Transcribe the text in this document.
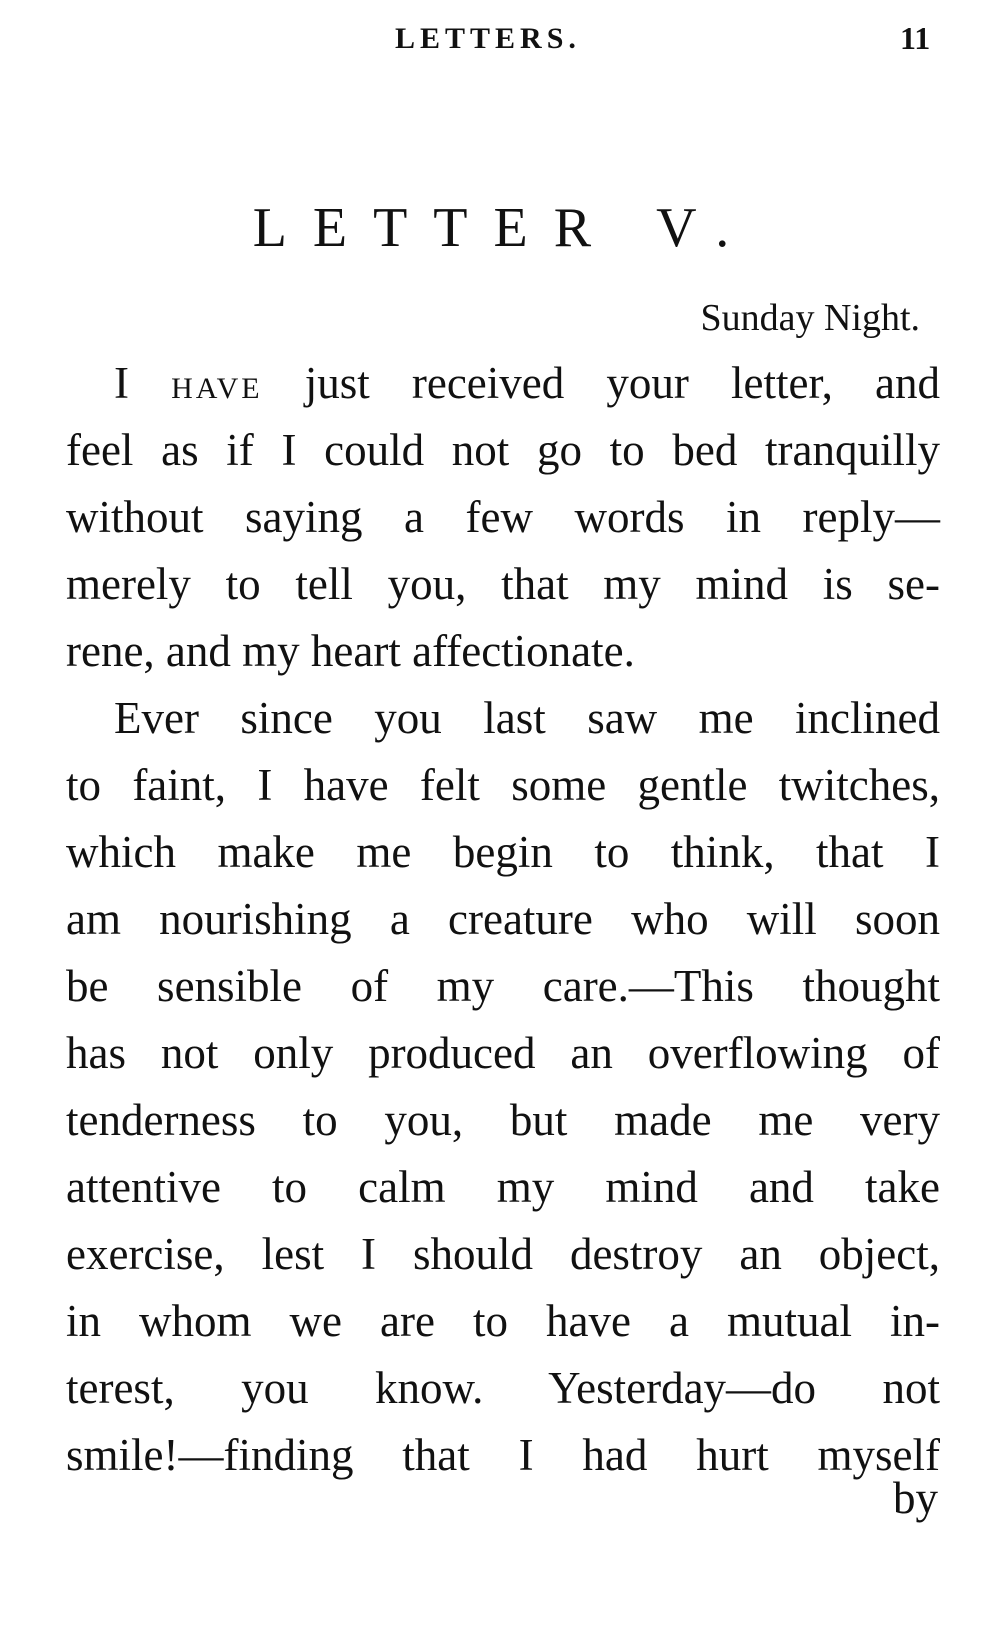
LETTERS.	11
LETTER V.
Sunday Night.
I HAVE just received your letter, and
feel as if I could not go to bed tranquilly
without saying a few words in reply—
merely to tell you, that my mind is se-
rene, and my heart affectionate.
Ever since you last saw me inclined
to faint, I have felt some gentle twitches,
which make me begin to think, that I
am nourishing a creature who will soon
be sensible of my care.—This thought
has not only produced an overflowing of
tenderness to you, but made me very
attentive to calm my mind and take
exercise, lest I should destroy an object,
in whom we are to have a mutual in-
terest, you know. Yesterday—do not
smile!—finding that I had hurt myself
by
